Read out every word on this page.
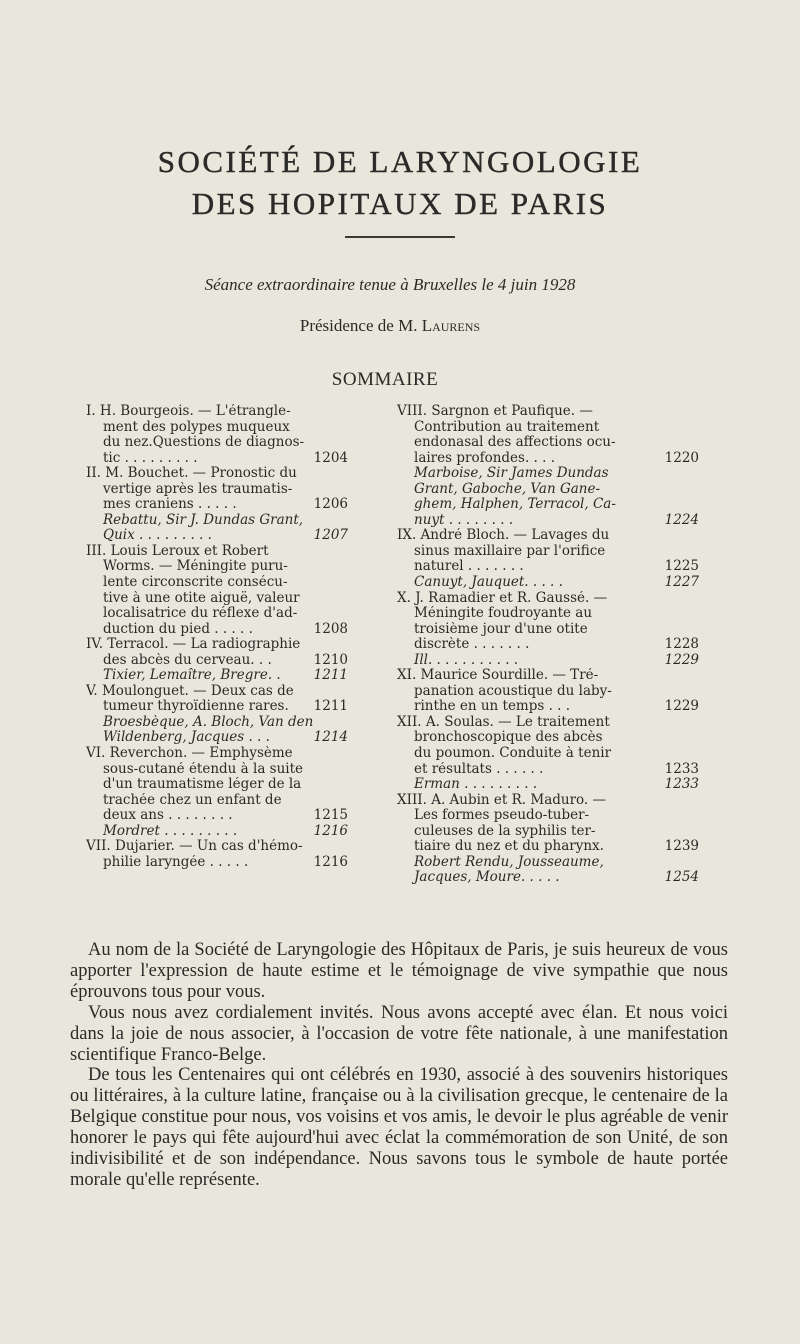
SOCIÉTÉ DE LARYNGOLOGIE
DES HOPITAUX DE PARIS
Séance extraordinaire tenue à Bruxelles le 4 juin 1928
Présidence de M. Laurens
SOMMAIRE
I. H. Bourgeois. — L'étrangle-
ment des polypes muqueux
du nez.Questions de diagnos-
1204
tic . . . . . . . . .
II. M. Bouchet. — Pronostic du
vertige après les traumatis-
1206
mes craniens . . . . .
Rebattu, Sir J. Dundas Grant,
1207
Quix . . . . . . . . .
III. Louis Leroux et Robert
Worms. — Méningite puru-
lente circonscrite consécu-
tive à une otite aiguë, valeur
localisatrice du réflexe d'ad-
1208
duction du pied . . . . .
IV. Terracol. — La radiographie
1210
des abcès du cerveau. . .
1211
Tixier, Lemaître, Bregre. .
V. Moulonguet. — Deux cas de
1211
tumeur thyroïdienne rares.
Broesbèque, A. Bloch, Van den
1214
Wildenberg, Jacques . . .
VI. Reverchon. — Emphysème
sous-cutané étendu à la suite
d'un traumatisme léger de la
trachée chez un enfant de
1215
deux ans . . . . . . . .
1216
Mordret . . . . . . . . .
VII. Dujarier. — Un cas d'hémo-
1216
philie laryngée . . . . .
VIII. Sargnon et Paufique. —
Contribution au traitement
endonasal des affections ocu-
1220
laires profondes. . . .
Marboise, Sir James Dundas
Grant, Gaboche, Van Gane-
ghem, Halphen, Terracol, Ca-
1224
nuyt . . . . . . . .
IX. André Bloch. — Lavages du
sinus maxillaire par l'orifice
1225
naturel . . . . . . .
1227
Canuyt, Jauquet. . . . .
X. J. Ramadier et R. Gaussé. —
Méningite foudroyante au
troisième jour d'une otite
1228
discrète . . . . . . .
1229
Ill. . . . . . . . . . .
XI. Maurice Sourdille. — Tré-
panation acoustique du laby-
1229
rinthe en un temps . . .
XII. A. Soulas. — Le traitement
bronchoscopique des abcès
du poumon. Conduite à tenir
1233
et résultats . . . . . .
1233
Erman . . . . . . . . .
XIII. A. Aubin et R. Maduro. —
Les formes pseudo-tuber-
culeuses de la syphilis ter-
1239
tiaire du nez et du pharynx.
Robert Rendu, Jousseaume,
1254
Jacques, Moure. . . . .

Au nom de la Société de Laryngologie des Hôpitaux de Paris, je suis heureux de vous apporter l'expression de haute estime et le témoignage de vive sympathie que nous éprouvons tous pour vous.

Vous nous avez cordialement invités. Nous avons accepté avec élan. Et nous voici dans la joie de nous associer, à l'occasion de votre fête nationale, à une manifestation scientifique Franco-Belge.

De tous les Centenaires qui ont célébrés en 1930, associé à des souvenirs historiques ou littéraires, à la culture latine, française ou à la civilisation grecque, le centenaire de la Belgique constitue pour nous, vos voisins et vos amis, le devoir le plus agréable de venir honorer le pays qui fête aujourd'hui avec éclat la commémoration de son Unité, de son indivisibilité et de son indépendance. Nous savons tous le symbole de haute portée morale qu'elle représente.
